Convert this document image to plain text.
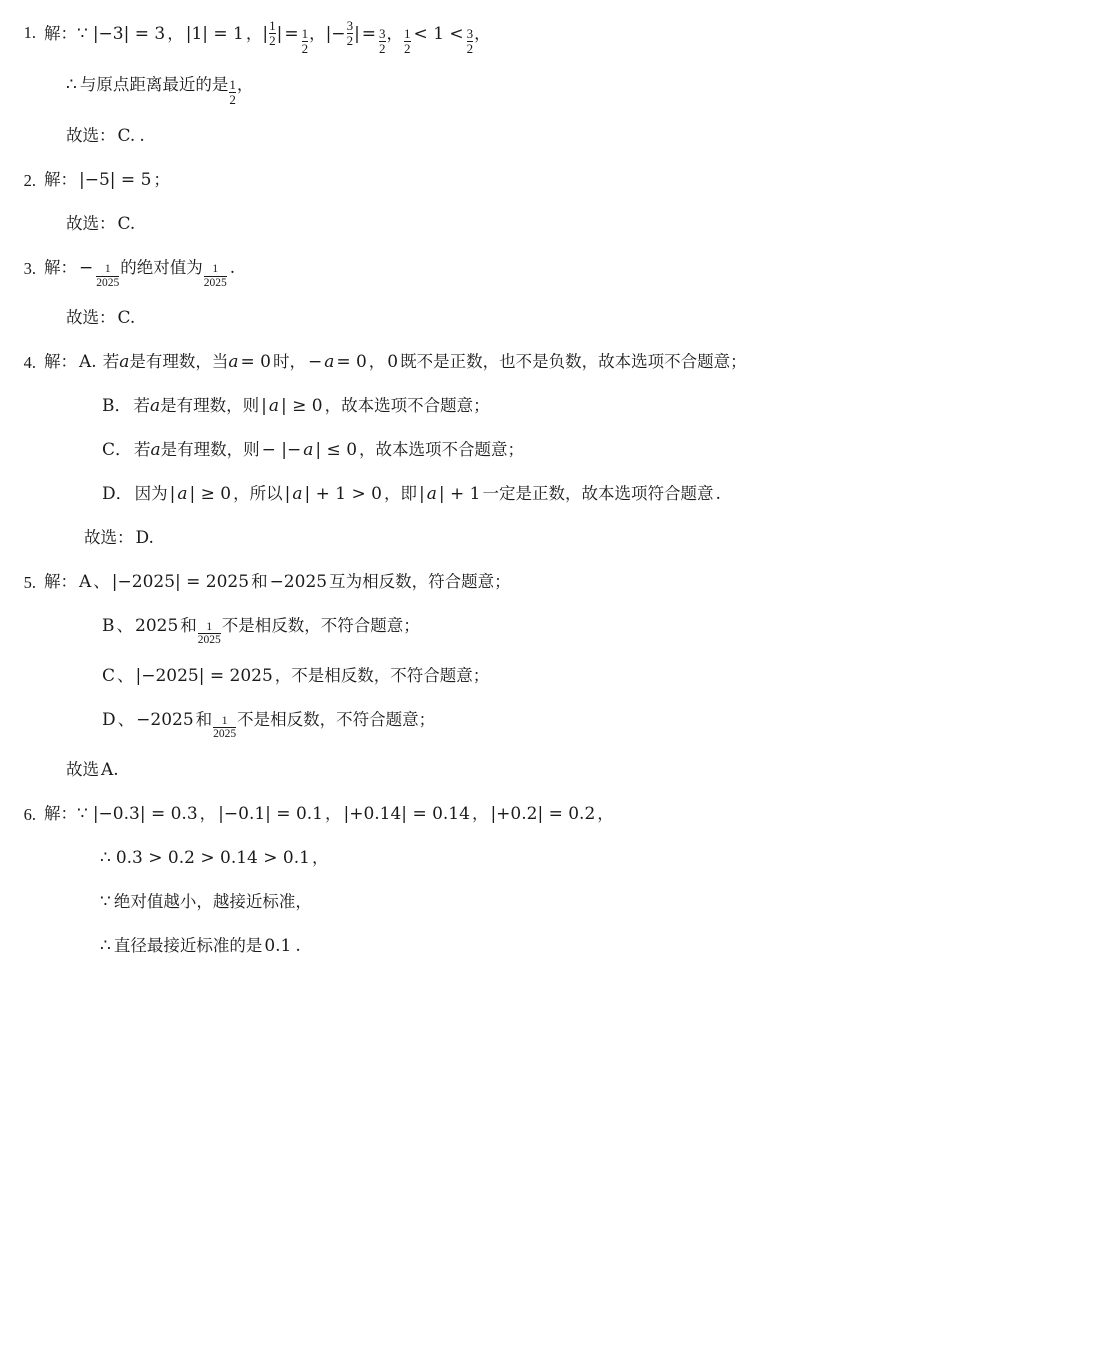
1. 解：∵ |−3| = 3 ， |1| = 1 ， | $\frac{1}{2}$ | = $\frac{1}{2}$ ， |− $\frac{3}{2}$ | = $\frac{3}{2}$ ， $\frac{1}{2} < 1 < \frac{3}{2}$ ，
∴ 与原点距离最近的是 $\frac{1}{2}$ ，
故选： C. .
2. 解： |−5| = 5 ；
故选： C.
3. 解： − $\frac{1}{2025}$ 的绝对值为 $\frac{1}{2025}$ .
故选： C.
4. 解： A. 若a是有理数，当a = 0 时， − a = 0 ， 0 既不是正数，也不是负数，故本选项不合题意；
B． 若a是有理数，则 | a | ≥ 0 ，故本选项不合题意；
C． 若a是有理数，则 − |− a | ≤ 0 ，故本选项不合题意；
D． 因为 | a | ≥ 0 ，所以 | a | + 1 > 0 ，即 | a | + 1 一定是正数，故本选项符合题意 .
故选： D.
5. 解： A 、 |−2025| = 2025 和 −2025 互为相反数，符合题意；
B 、 2025 和 $\frac{1}{2025}$ 不是相反数，不符合题意；
C 、 |−2025| = 2025 ，不是相反数，不符合题意；
D 、 −2025 和 $\frac{1}{2025}$ 不是相反数，不符合题意；
故选 A.
6. 解：∵ |−0.3| = 0.3 ， |−0.1| = 0.1 ， |+0.14| = 0.14 ， |+0.2| = 0.2 ，
∴ 0.3 > 0.2 > 0.14 > 0.1 ，
∵ 绝对值越小，越接近标准，
∴ 直径最接近标准的是 0.1 .
